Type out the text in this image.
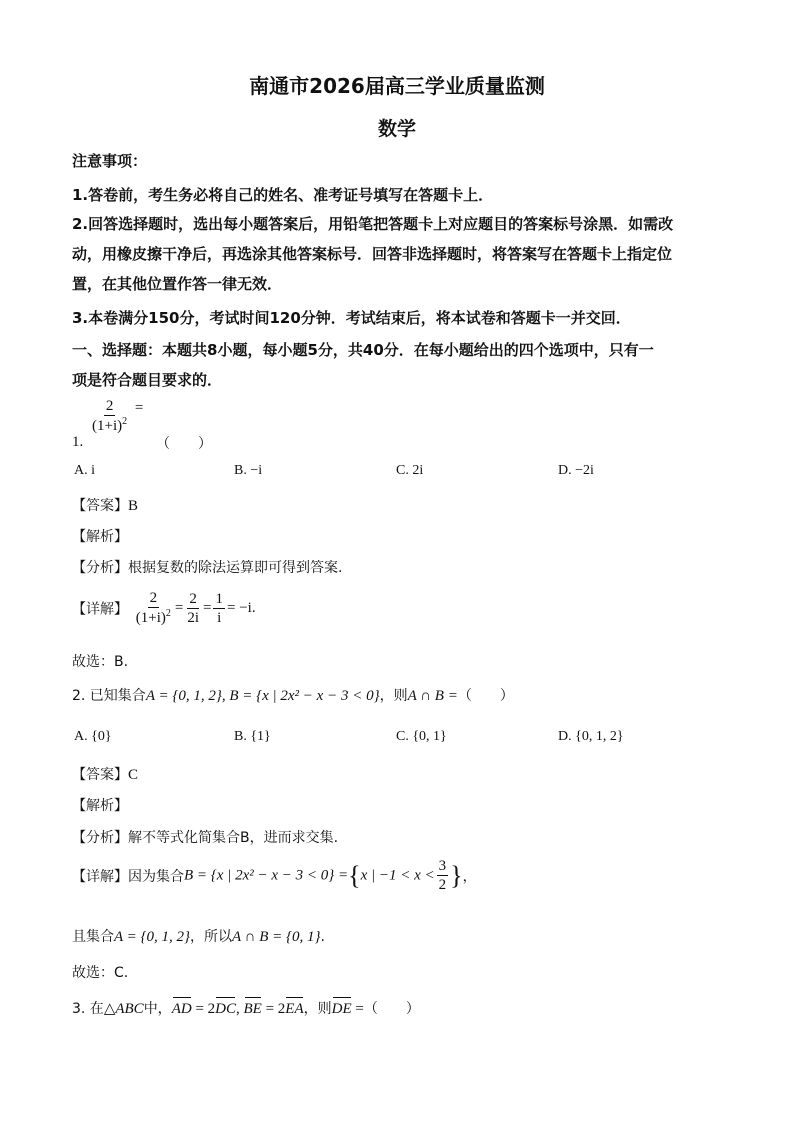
南通市2026届高三学业质量监测
数学
注意事项：
1.答卷前，考生务必将自己的姓名、准考证号填写在答题卡上．
2.回答选择题时，选出每小题答案后，用铅笔把答题卡上对应题目的答案标号涂黑．如需改
动，用橡皮擦干净后，再选涂其他答案标号．回答非选择题时，将答案写在答题卡上指定位
置，在其他位置作答一律无效．
3.本卷满分150分，考试时间120分钟．考试结束后，将本试卷和答题卡一并交回．
一、选择题：本题共8小题，每小题5分，共40分．在每小题给出的四个选项中，只有一
项是符合题目要求的．
1.
$\frac{2}{(1+i)^2}$ =
（　　）
A. i	B. −i	C. 2i	D. −2i
【答案】B
【解析】
【分析】根据复数的除法运算即可得到答案.
【详解】 $\frac{2}{(1+i)^2} = \frac{2}{2i} = \frac{1}{i} = -i$.
故选：B.
2. 已知集合A = {0, 1, 2}, B = {x | 2x² − x − 3 < 0}，则A ∩ B =（　　）
A. {0}	B. {1}	C. {0, 1}	D. {0, 1, 2}
【答案】C
【解析】
【分析】解不等式化简集合B，进而求交集.
【详解】因为集合B = {x | 2x² − x − 3 < 0} ={x | $-1 < x < \frac{3}{2}$ }，
且集合A = {0, 1, 2}，所以A ∩ B = {0, 1}.
故选：C.
3. 在△ABC中，AD = 2DC, BE = 2EA，则DE =（　　）
